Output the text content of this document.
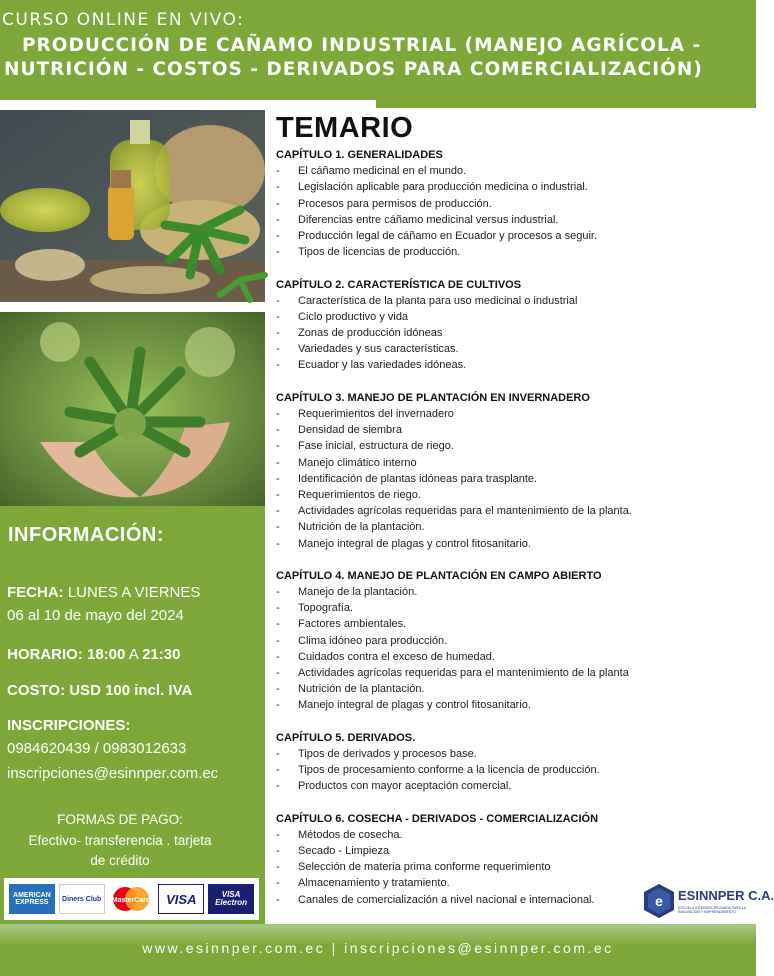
CURSO ONLINE EN VIVO:
PRODUCCIÓN DE CAÑAMO INDUSTRIAL (MANEJO AGRÍCOLA -
NUTRICIÓN - COSTOS - DERIVADOS PARA COMERCIALIZACIÓN)
INFORMACIÓN:
FECHA: LUNES A VIERNES
06 al 10 de mayo del 2024
HORARIO: 18:00 A 21:30
COSTO: USD 100 incl. IVA
INSCRIPCIONES:
0984620439 / 0983012633
inscripciones@esinnper.com.ec
FORMAS DE PAGO:
Efectivo- transferencia . tarjeta
de crédito
AMERICAN
EXPRESS	Diners Club	MasterCard	VISA	VISA
Electron
TEMARIO
CAPÍTULO 1. GENERALIDADES
- El cáñamo medicinal en el mundo.
- Legislación aplicable para producción medicina o industrial.
- Procesos para permisos de producción.
- Diferencias entre cáñamo medicinal versus industrial.
- Producción legal de cáñamo en Ecuador y procesos a seguir.
- Tipos de licencias de producción.
CAPÍTULO 2. CARACTERÍSTICA DE CULTIVOS
- Característica de la planta para uso medicinal o industrial
- Ciclo productivo y vida
- Zonas de producción idóneas
- Variedades y sus características.
- Ecuador y las variedades idóneas.
CAPÍTULO 3. MANEJO DE PLANTACIÓN EN INVERNADERO
- Requerimientos del invernadero
- Densidad de siembra
- Fase inicial, estructura de riego.
- Manejo climático interno
- Identificación de plantas idóneas para trasplante.
- Requerimientos de riego.
- Actividades agrícolas requeridas para el mantenimiento de la planta.
- Nutrición de la plantación.
- Manejo integral de plagas y control fitosanitario.
CAPÍTULO 4. MANEJO DE PLANTACIÓN EN CAMPO ABIERTO
- Manejo de la plantación.
- Topografía.
- Factores ambientales.
- Clima idóneo para producción.
- Cuidados contra el exceso de humedad.
- Actividades agrícolas requeridas para el mantenimiento de la planta
- Nutrición de la plantación.
- Manejo integral de plagas y control fitosanitario.
CAPÍTULO 5. DERIVADOS.
- Tipos de derivados y procesos base.
- Tipos de procesamiento conforme a la licencia de producción.
- Productos con mayor aceptación comercial.
CAPÍTULO 6. COSECHA - DERIVADOS - COMERCIALIZACIÓN
- Métodos de cosecha.
- Secado - Limpieza
- Selección de materia prima conforme requerimiento
- Almacenamiento y tratamiento.
- Canales de comercialización a nivel nacional e internacional.	e ESINNPER C.A.
ESCUELA INTERDISCIPLINARIA PARA LA INNOVACIÓN Y EMPRENDIMIENTO
www.esinnper.com.ec | inscripciones@esinnper.com.ec
